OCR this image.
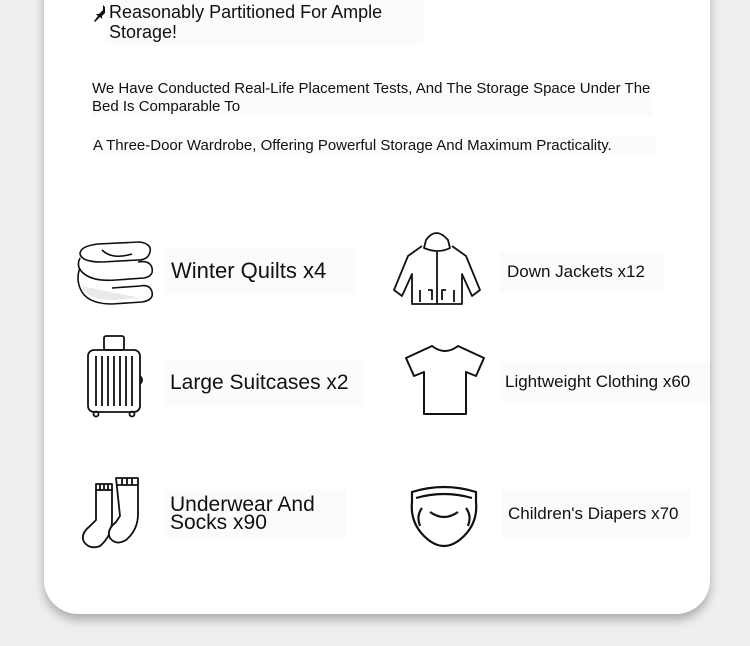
Reasonably Partitioned For Ample Storage!
We Have Conducted Real-Life Placement Tests, And The Storage Space Under The Bed Is Comparable To
A Three-Door Wardrobe, Offering Powerful Storage And Maximum Practicality.
Winter Quilts x4	Down Jackets x12
Large Suitcases x2	Lightweight Clothing x60
Underwear And Socks x90	Children's Diapers x70
